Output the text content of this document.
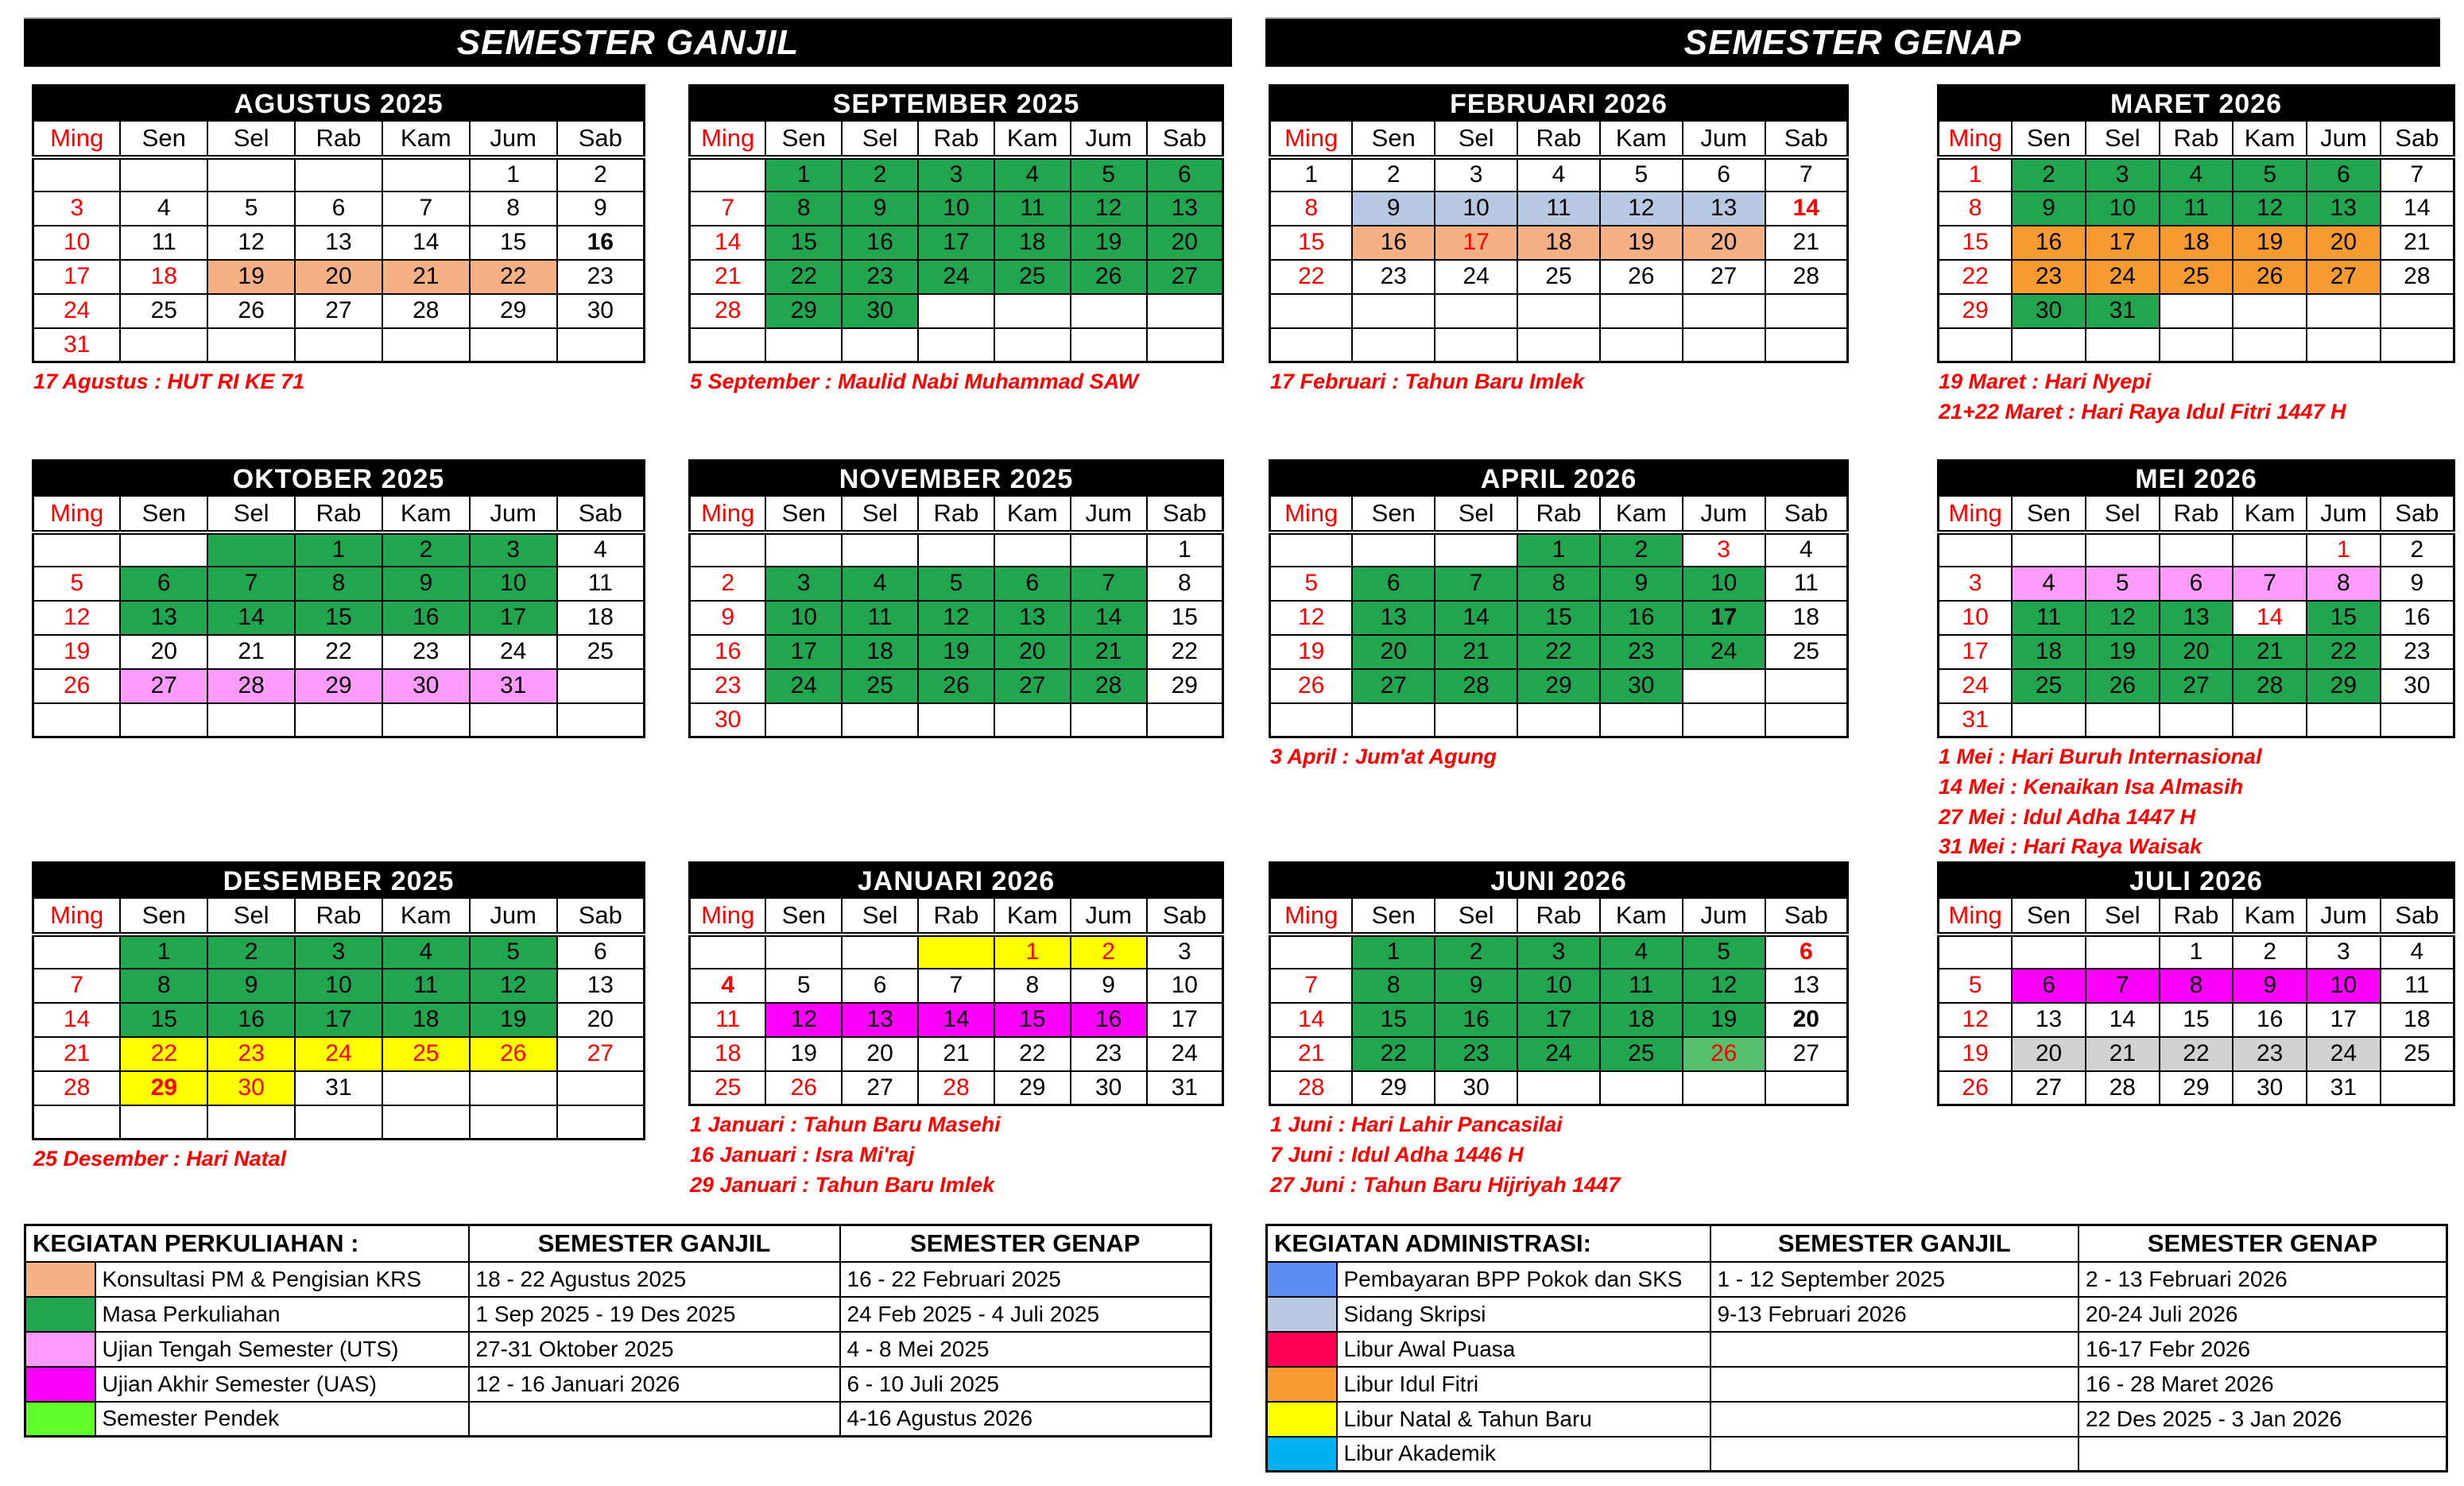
SEMESTER GANJIL	SEMESTER GENAP
AGUSTUS 2025
Ming	Sen	Sel	Rab	Kam	Jum	Sab
					1	2
3	4	5	6	7	8	9
10	11	12	13	14	15	16
17	18	19	20	21	22	23
24	25	26	27	28	29	30
31						
17 Agustus : HUT RI KE 71
SEPTEMBER 2025
Ming	Sen	Sel	Rab	Kam	Jum	Sab
	1	2	3	4	5	6
7	8	9	10	11	12	13
14	15	16	17	18	19	20
21	22	23	24	25	26	27
28	29	30				

5 September : Maulid Nabi Muhammad SAW
FEBRUARI 2026
Ming	Sen	Sel	Rab	Kam	Jum	Sab
1	2	3	4	5	6	7
8	9	10	11	12	13	14
15	16	17	18	19	20	21
22	23	24	25	26	27	28

17 Februari : Tahun Baru Imlek
MARET 2026
Ming	Sen	Sel	Rab	Kam	Jum	Sab
1	2	3	4	5	6	7
8	9	10	11	12	13	14
15	16	17	18	19	20	21
22	23	24	25	26	27	28
29	30	31				

19 Maret : Hari Nyepi
21+22 Maret : Hari Raya Idul Fitri 1447 H
OKTOBER 2025
Ming	Sen	Sel	Rab	Kam	Jum	Sab
			1	2	3	4
5	6	7	8	9	10	11
12	13	14	15	16	17	18
19	20	21	22	23	24	25
26	27	28	29	30	31	

NOVEMBER 2025
Ming	Sen	Sel	Rab	Kam	Jum	Sab
						1
2	3	4	5	6	7	8
9	10	11	12	13	14	15
16	17	18	19	20	21	22
23	24	25	26	27	28	29
30						
APRIL 2026
Ming	Sen	Sel	Rab	Kam	Jum	Sab
			1	2	3	4
5	6	7	8	9	10	11
12	13	14	15	16	17	18
19	20	21	22	23	24	25
26	27	28	29	30		

3 April : Jum'at Agung
MEI 2026
Ming	Sen	Sel	Rab	Kam	Jum	Sab
					1	2
3	4	5	6	7	8	9
10	11	12	13	14	15	16
17	18	19	20	21	22	23
24	25	26	27	28	29	30
31						
1 Mei : Hari Buruh Internasional
14 Mei : Kenaikan Isa Almasih
27 Mei : Idul Adha 1447 H
31 Mei : Hari Raya Waisak
DESEMBER 2025
Ming	Sen	Sel	Rab	Kam	Jum	Sab
	1	2	3	4	5	6
7	8	9	10	11	12	13
14	15	16	17	18	19	20
21	22	23	24	25	26	27
28	29	30	31			

25 Desember : Hari Natal
JANUARI 2026
Ming	Sen	Sel	Rab	Kam	Jum	Sab
				1	2	3
4	5	6	7	8	9	10
11	12	13	14	15	16	17
18	19	20	21	22	23	24
25	26	27	28	29	30	31
1 Januari : Tahun Baru Masehi
16 Januari : Isra Mi'raj
29 Januari : Tahun Baru Imlek
JUNI 2026
Ming	Sen	Sel	Rab	Kam	Jum	Sab
	1	2	3	4	5	6
7	8	9	10	11	12	13
14	15	16	17	18	19	20
21	22	23	24	25	26	27
28	29	30				
1 Juni : Hari Lahir Pancasilai
7 Juni : Idul Adha 1446 H
27 Juni : Tahun Baru Hijriyah 1447
JULI 2026
Ming	Sen	Sel	Rab	Kam	Jum	Sab
			1	2	3	4
5	6	7	8	9	10	11
12	13	14	15	16	17	18
19	20	21	22	23	24	25
26	27	28	29	30	31	
KEGIATAN PERKULIAHAN :		SEMESTER GANJIL	SEMESTER GENAP
	Konsultasi PM & Pengisian KRS	18 - 22 Agustus 2025	16 - 22 Februari 2025
	Masa Perkuliahan	1 Sep 2025 - 19 Des 2025	24 Feb 2025 - 4 Juli 2025
	Ujian Tengah Semester (UTS)	27-31 Oktober 2025	4 - 8 Mei 2025
	Ujian Akhir Semester (UAS)	12 - 16 Januari 2026	6 - 10 Juli 2025
	Semester Pendek		4-16 Agustus 2026
KEGIATAN ADMINISTRASI:		SEMESTER GANJIL	SEMESTER GENAP
	Pembayaran BPP Pokok dan SKS	1 - 12 September 2025	2 - 13 Februari 2026
	Sidang Skripsi	9-13 Februari 2026	20-24 Juli 2026
	Libur Awal Puasa		16-17 Febr 2026
	Libur Idul Fitri		16 - 28 Maret 2026
	Libur Natal & Tahun Baru		22 Des 2025 - 3 Jan 2026
	Libur Akademik		
